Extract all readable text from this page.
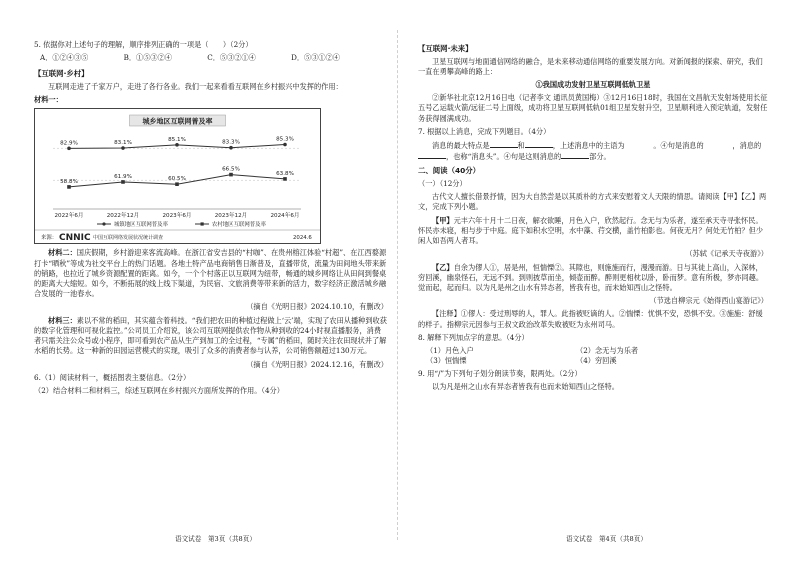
5. 依据你对上述句子的理解，顺序排列正确的一项是（　　）（2分）

A．①②④③⑤	B．①⑤③②④	C．⑤③②①④	D．⑤③①②④
【互联网·乡村】

互联网走进了千家万户，走进了各行各业。我们一起来看看互联网在乡村振兴中发挥的作用：

材料一：

城乡地区互联网普及率
82.9%	83.1%
85.1%	83.3%
85.3%
58.8%
61.9%	60.5%
66.5%
63.8%
2022年6月	2022年12月	2023年6月	2023年12月	2024年6月
城镇地区互联网普及率	农村地区互联网普及率
来源： CNNIC 中国互联网络发展状况统计调查	2024.6

材料二：国庆假期，乡村游迎来客流高峰。在浙江省安吉县的“村咖”、在贵州榕江体验“村超”、在江西婺源打卡“晒秋”等成为社交平台上的热门话题。各地土特产品电商销售日渐普及，直播带货，流量为田间地头带来新的销路，也拉近了城乡资源配置的距离。如今，一个个村落正以互联网为纽带，畅通的城乡网络让从田间到餐桌的距离大大缩短。如今，不断拓展的线上线下渠道，为民宿、文旅消费等带来新的活力，数字经济正激活城乡融合发展的一池春水。

（摘自《光明日报》2024.10.10，有删改）

材料三：素以不常的稻田，其实蕴含着科技。“我们把农田的种植过程做上‘云’端，实现了农田从播种到收获的数字化管理和可视化监控。”公司员工介绍说，该公司互联网提供农作物从种到收的24小时视直播服务，消费者只需关注公众号或小程序，即可看到农产品从生产到加工的全过程，“专属”的稻田，随时关注农田现状并了解水稻的长势。这一种新的田园运营模式的实现，吸引了众多的消费者参与认养，公司销售额超过130万元。

（摘自《光明日报》2024.12.16，有删改）

6.（1）阅读材料一，概括图表主要信息。（2分）

（2）结合材料二和材料三，综述互联网在乡村振兴方面所发挥的作用。（4分）

语文试卷　第3页（共8页）
【互联网·未来】

卫星互联网与地面通信网络的融合，是未来移动通信网络的重要发展方向。对新闻报的探索、研究，我们一直在勇攀高峰的路上：

①我国成功发射卫星互联网低轨卫星

②新华社北京12月16日电（记者李文 通讯员黄国梅）③12月16日18时，我国在文昌航天发射场使用长征五号乙运载火箭/远征二号上面级，成功将卫星互联网低轨01组卫星发射升空，卫星顺利进入预定轨道，发射任务获得圆满成功。

7. 根据以上消息，完成下列题目。（4分）

消息的最大特点是	和	，上述消息中的主语为　　　　。④句是消息的　　　　，消息的，也称“消息头”。④句是这则消息的	部分。

二、阅读（40分）

（一）（12分）

古代文人擅长借景抒情，因为大自然尝是以其质朴的方式来安慰着文人天限的情思。请阅读【甲】【乙】两文，完成下列小题。

【甲】元丰六年十月十二日夜，解衣欲睡，月色入户，欣然起行。念无与为乐者，遂至承天寺寻张怀民。怀民亦未寝，相与步于中庭。庭下如积水空明，水中藻、荇交横，盖竹柏影也。何夜无月？何处无竹柏？但少闲人如吾两人者耳。

（苏轼《记承天寺夜游》）

【乙】自余为僇人①，居是州，恒惴慄②。其隙也，则施施而行，漫漫而游。日与其徒上高山，入深林，穷回溪，幽泉怪石，无远不到。到则披草而坐，倾壶而醉。醉则更相枕以卧，卧而梦。意有所极，梦亦同趣。觉而起，起而归。以为凡是州之山水有异态者，皆我有也，而未始知西山之怪特。

（节选自柳宗元《始得西山宴游记》）

【注释】①僇人：受过刑辱的人，罪人。此指被贬谪的人。②惴慄：忧惧不安，恐惧不安。③施施：舒缓的样子。指柳宗元因参与王叔文政治改革失败被贬为永州司马。

8. 解释下列加点字的意思。（4分）

（1）月色入户	（2）念无与为乐者
（3）恒惴慄	（4）穷回溪

9. 用“/”为下列句子划分朗读节奏，限两处。（2分）

以为凡是州之山水有异态者皆我有也而未始知西山之怪特。

语文试卷　第4页（共8页）
